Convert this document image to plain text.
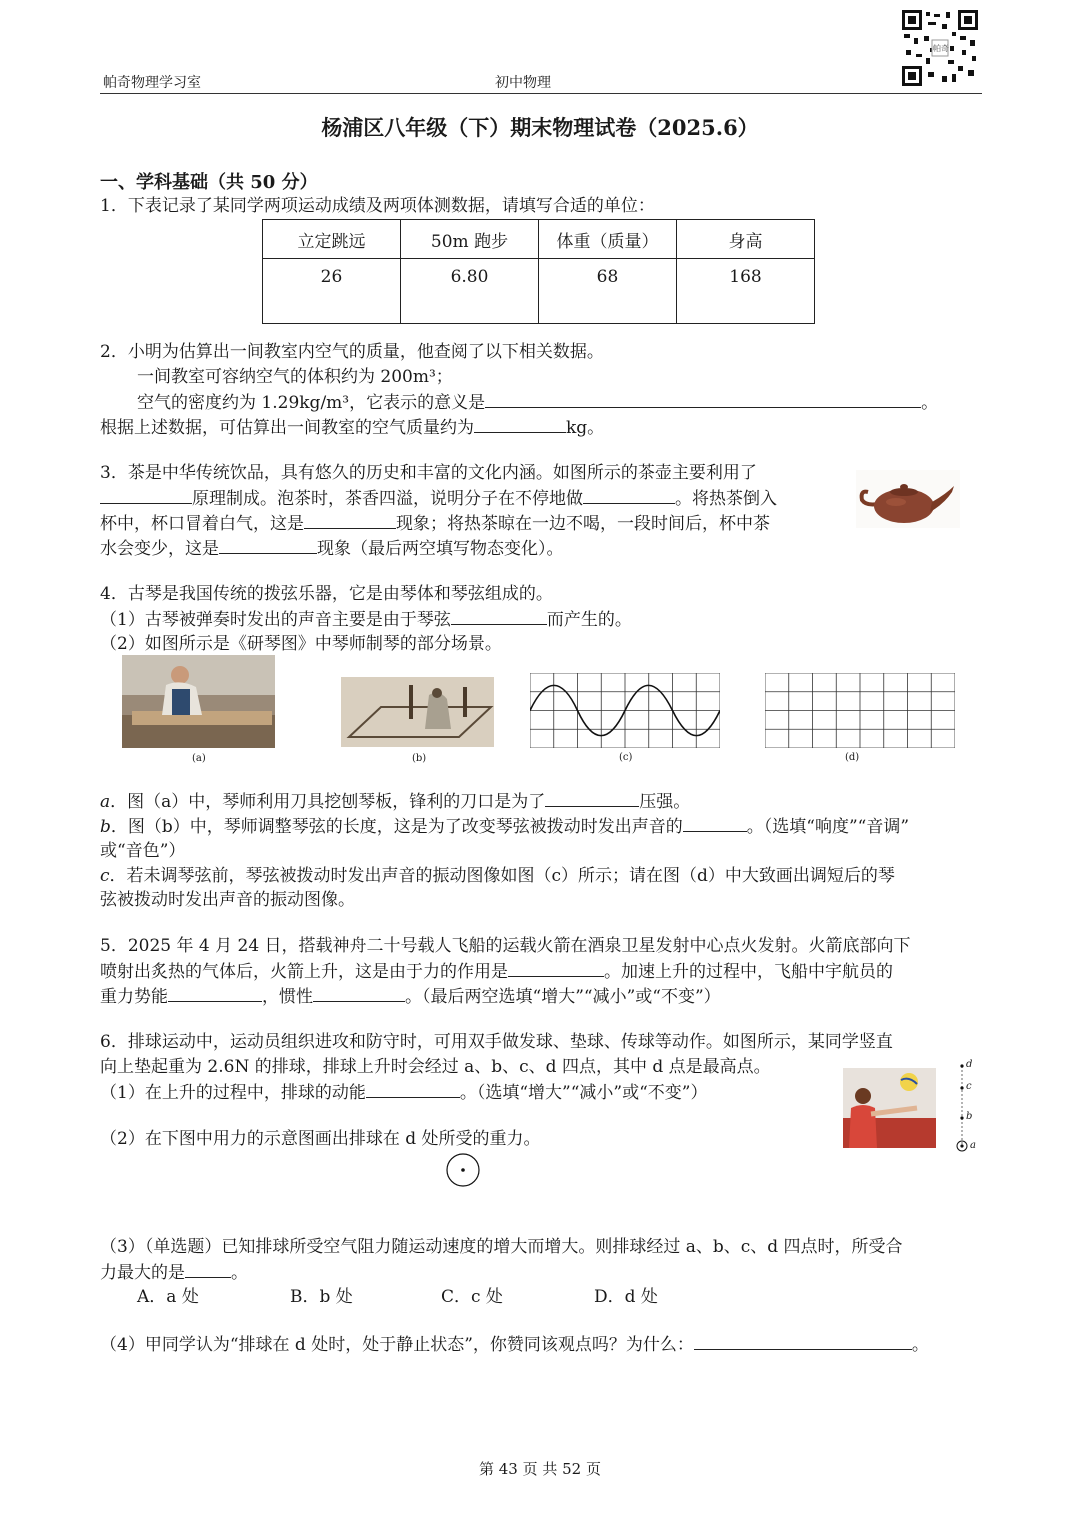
帕奇
帕奇物理学习室	初中物理
杨浦区八年级（下）期末物理试卷（2025.6）
一、学科基础（共 50 分）
1．下表记录了某同学两项运动成绩及两项体测数据，请填写合适的单位：
立定跳远	50m 跑步	体重（质量）	身高
26	6.80	68	168
2．小明为估算出一间教室内空气的质量，他查阅了以下相关数据。
一间教室可容纳空气的体积约为 200m³；
空气的密度约为 1.29kg/m³，它表示的意义是	。
根据上述数据，可估算出一间教室的空气质量约为	kg。
3．茶是中华传统饮品，具有悠久的历史和丰富的文化内涵。如图所示的茶壶主要利用了
原理制成。泡茶时，茶香四溢，说明分子在不停地做	。将热茶倒入
杯中，杯口冒着白气，这是	现象；将热茶晾在一边不喝，一段时间后，杯中茶
水会变少，这是	现象（最后两空填写物态变化）。
4．古琴是我国传统的拨弦乐器，它是由琴体和琴弦组成的。
（1）古琴被弹奏时发出的声音主要是由于琴弦	而产生的。
（2）如图所示是《研琴图》中琴师制琴的部分场景。
(a)	(b)	(c)	(d)
a．图（a）中，琴师利用刀具挖刨琴板，锋利的刀口是为了	压强。
b．图（b）中，琴师调整琴弦的长度，这是为了改变琴弦被拨动时发出声音的	。（选填“响度”“音调”
或“音色”）
c．若未调琴弦前，琴弦被拨动时发出声音的振动图像如图（c）所示；请在图（d）中大致画出调短后的琴
弦被拨动时发出声音的振动图像。
5．2025 年 4 月 24 日，搭载神舟二十号载人飞船的运载火箭在酒泉卫星发射中心点火发射。火箭底部向下
喷射出炙热的气体后，火箭上升，这是由于力的作用是	。加速上升的过程中，飞船中宇航员的
重力势能	，惯性	。（最后两空选填“增大”“减小”或“不变”）
6．排球运动中，运动员组织进攻和防守时，可用双手做发球、垫球、传球等动作。如图所示，某同学竖直
向上垫起重为 2.6N 的排球，排球上升时会经过 a、b、c、d 四点，其中 d 点是最高点。
（1）在上升的过程中，排球的动能	。（选填“增大”“减小”或“不变”）
（2）在下图中用力的示意图画出排球在 d 处所受的重力。
d
c
b
a
（3）（单选题）已知排球所受空气阻力随运动速度的增大而增大。则排球经过 a、b、c、d 四点时，所受合
力最大的是	。
A．a 处	B．b 处	C．c 处	D．d 处
（4）甲同学认为“排球在 d 处时，处于静止状态”，你赞同该观点吗？为什么：	。
第 43 页 共 52 页
